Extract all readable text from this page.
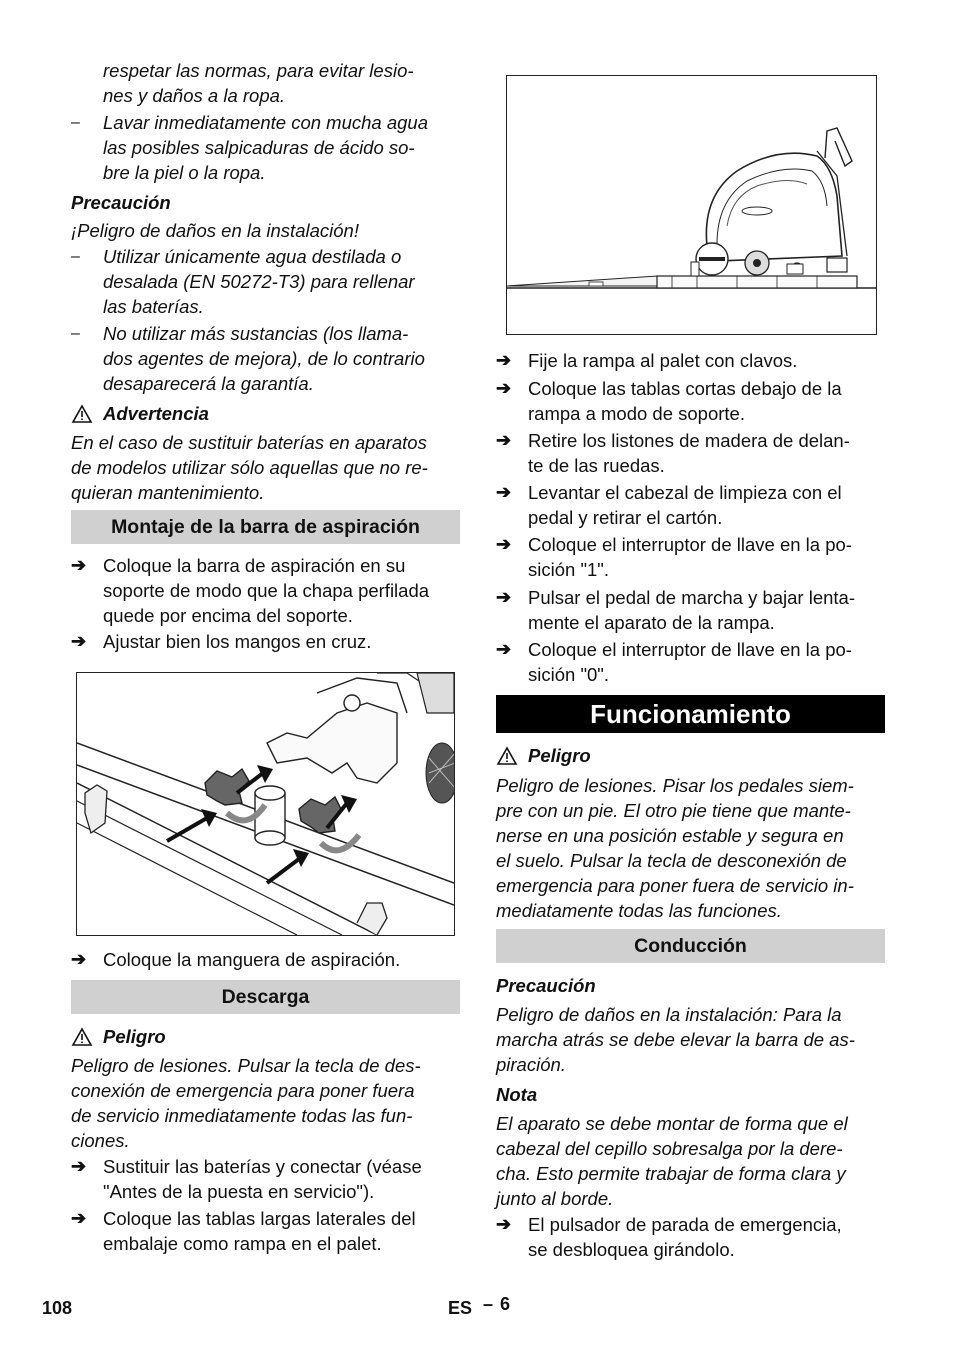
respetar las normas, para evitar lesio-
nes y daños a la ropa.
– Lavar inmediatamente con mucha agua
las posibles salpicaduras de ácido so-
bre la piel o la ropa.
Precaución
¡Peligro de daños en la instalación!
– Utilizar únicamente agua destilada o
desalada (EN 50272-T3) para rellenar
las baterías.
– No utilizar más sustancias (los llama-
dos agentes de mejora), de lo contrario
desaparecerá la garantía.
Advertencia
En el caso de sustituir baterías en aparatos
de modelos utilizar sólo aquellas que no re-
quieran mantenimiento.
Montaje de la barra de aspiración
➔ Coloque la barra de aspiración en su
soporte de modo que la chapa perfilada
quede por encima del soporte.
➔ Ajustar bien los mangos en cruz.
➔ Coloque la manguera de aspiración.
Descarga
Peligro
Peligro de lesiones. Pulsar la tecla de des-
conexión de emergencia para poner fuera
de servicio inmediatamente todas las fun-
ciones.
➔ Sustituir las baterías y conectar (véase
"Antes de la puesta en servicio").
➔ Coloque las tablas largas laterales del
embalaje como rampa en el palet.
➔ Fije la rampa al palet con clavos.
➔ Coloque las tablas cortas debajo de la
rampa a modo de soporte.
➔ Retire los listones de madera de delan-
te de las ruedas.
➔ Levantar el cabezal de limpieza con el
pedal y retirar el cartón.
➔ Coloque el interruptor de llave en la po-
sición "1".
➔ Pulsar el pedal de marcha y bajar lenta-
mente el aparato de la rampa.
➔ Coloque el interruptor de llave en la po-
sición "0".
Funcionamiento
Peligro
Peligro de lesiones. Pisar los pedales siem-
pre con un pie. El otro pie tiene que mante-
nerse en una posición estable y segura en
el suelo. Pulsar la tecla de desconexión de
emergencia para poner fuera de servicio in-
mediatamente todas las funciones.
Conducción
Precaución
Peligro de daños en la instalación: Para la
marcha atrás se debe elevar la barra de as-
piración.
Nota
El aparato se debe montar de forma que el
cabezal del cepillo sobresalga por la dere-
cha. Esto permite trabajar de forma clara y
junto al borde.
➔ El pulsador de parada de emergencia,
se desbloquea girándolo.
108	ES – 6
